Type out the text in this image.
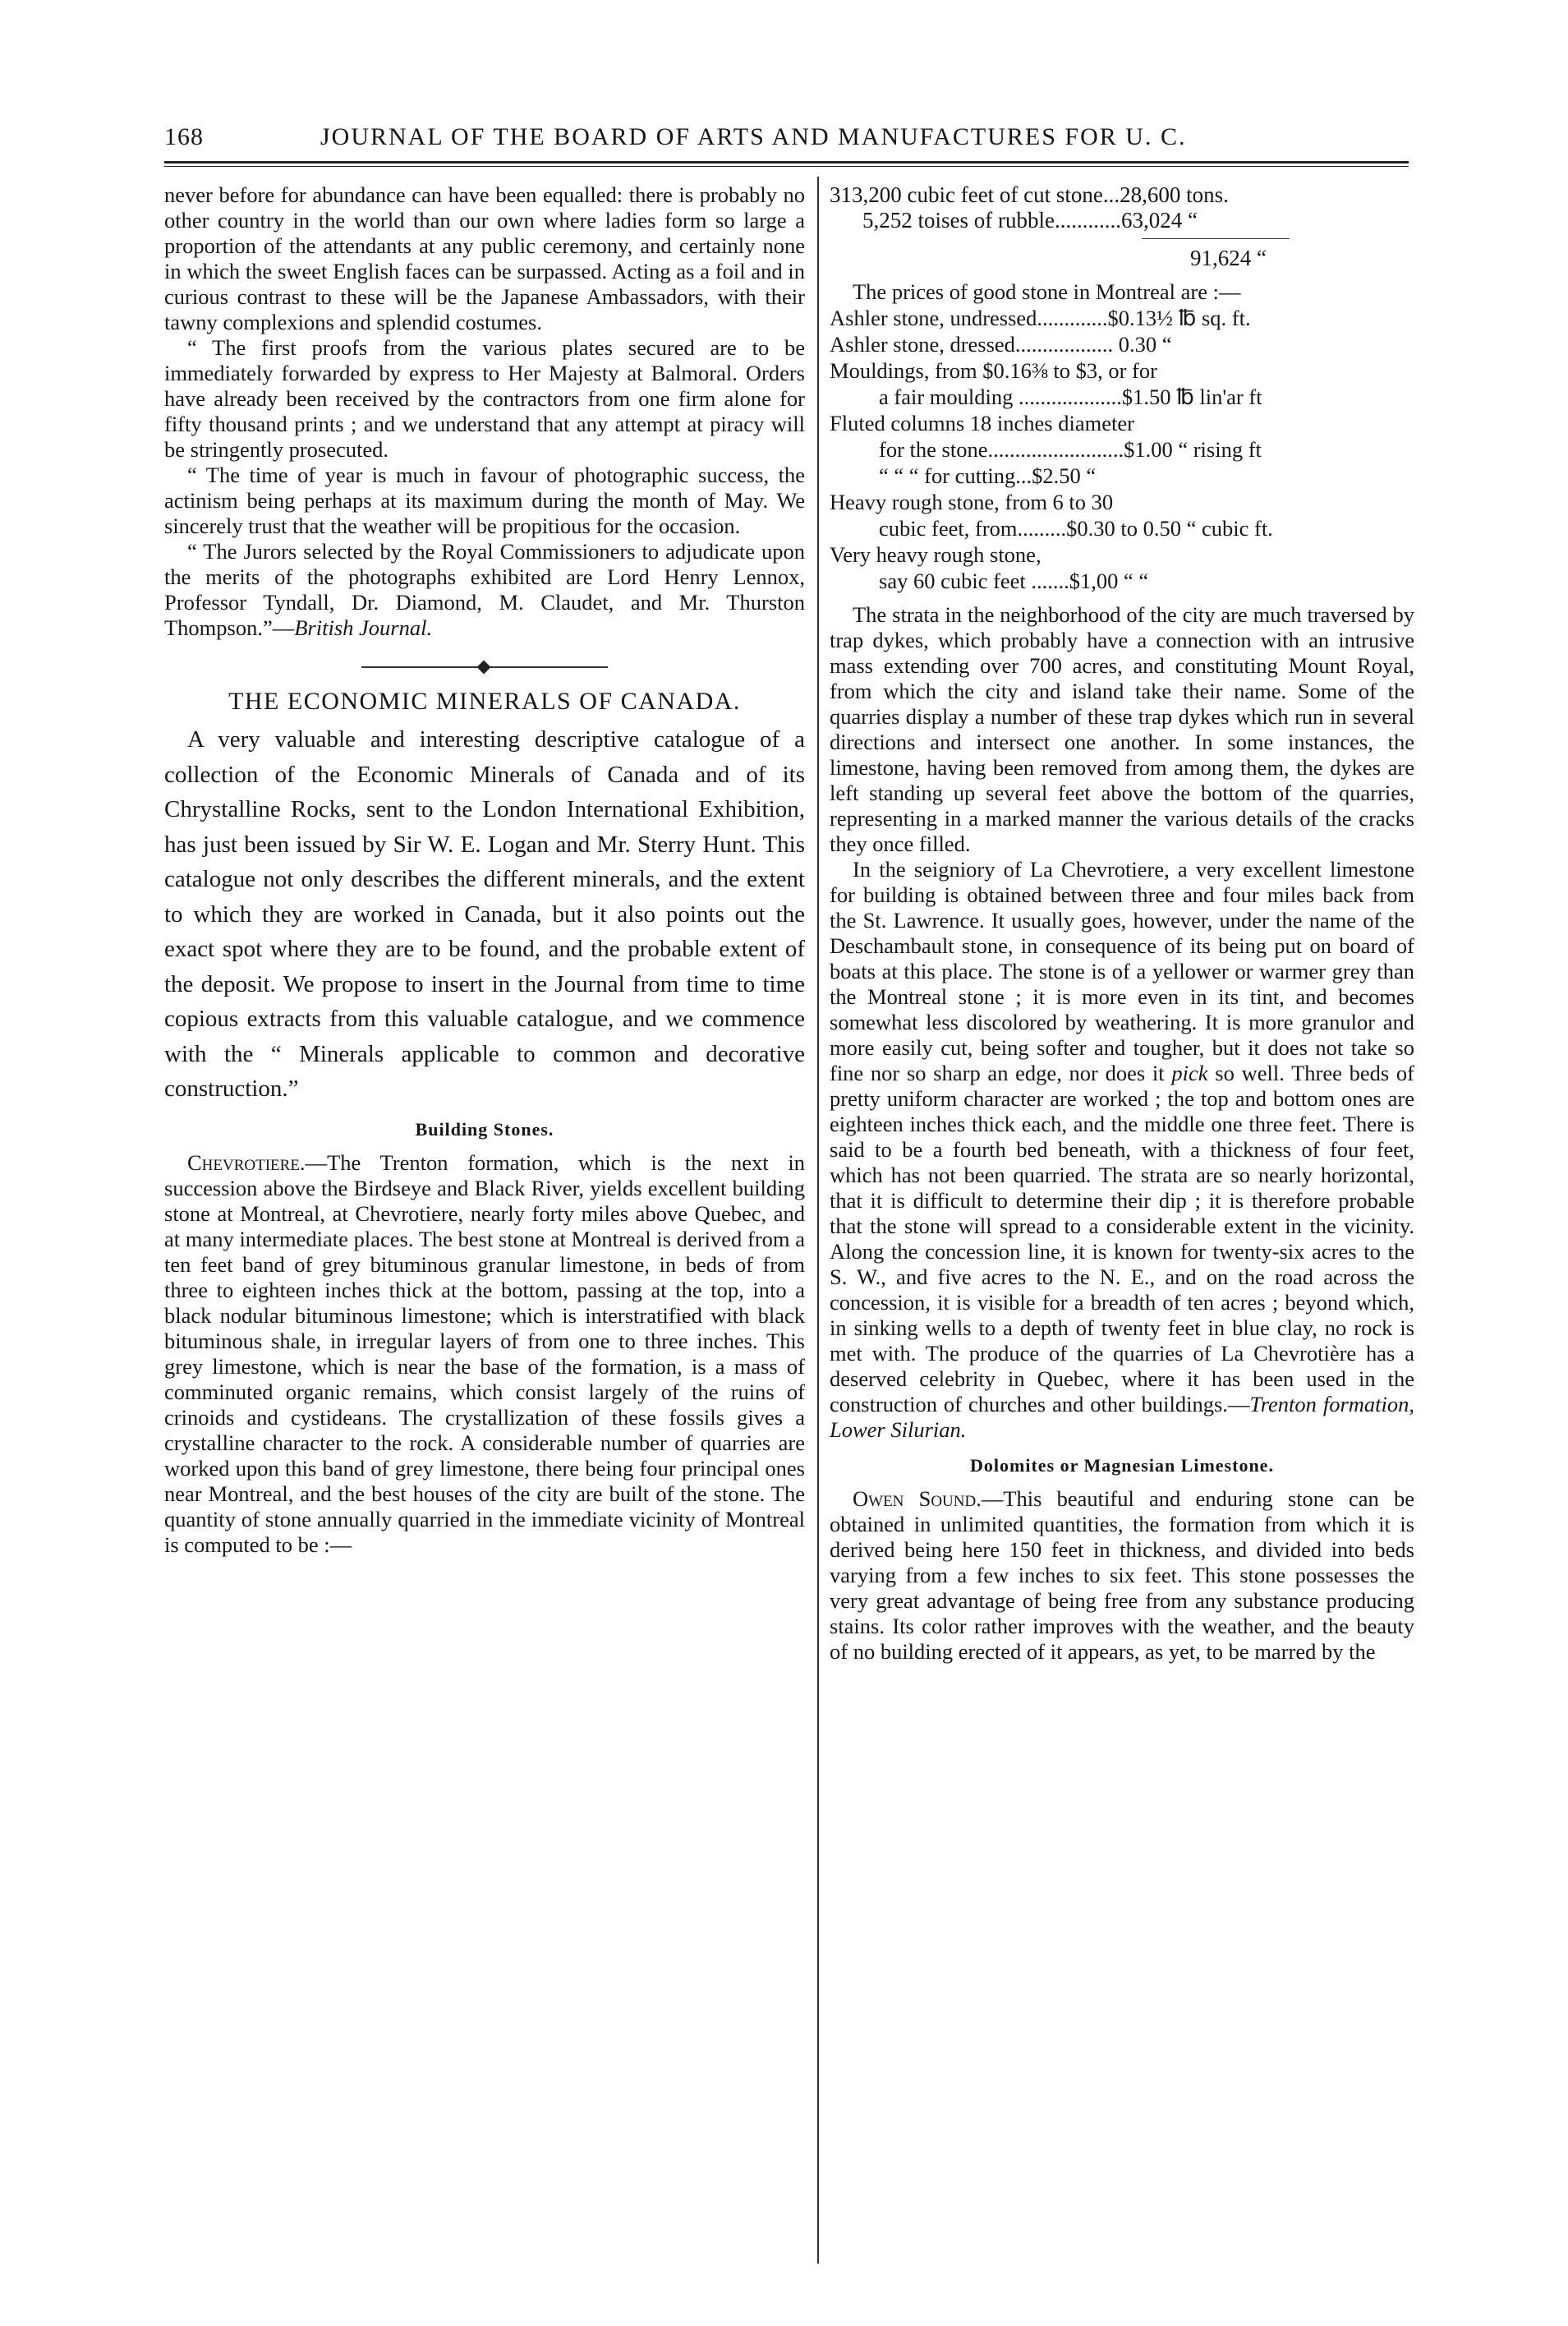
168	JOURNAL OF THE BOARD OF ARTS AND MANUFACTURES FOR U. C.

never before for abundance can have been equalled: there is probably no other country in the world than our own where ladies form so large a proportion of the attendants at any public ceremony, and certainly none in which the sweet English faces can be surpassed. Acting as a foil and in curious contrast to these will be the Japanese Ambassadors, with their tawny complexions and splendid costumes.

“ The first proofs from the various plates secured are to be immediately forwarded by express to Her Majesty at Balmoral. Orders have already been received by the contractors from one firm alone for fifty thousand prints ; and we understand that any attempt at piracy will be stringently prosecuted.

“ The time of year is much in favour of photographic success, the actinism being perhaps at its maximum during the month of May. We sincerely trust that the weather will be propitious for the occasion.

“ The Jurors selected by the Royal Commissioners to adjudicate upon the merits of the photographs exhibited are Lord Henry Lennox, Professor Tyndall, Dr. Diamond, M. Claudet, and Mr. Thurston Thompson.”—British Journal.

THE ECONOMIC MINERALS OF CANADA.

A very valuable and interesting descriptive catalogue of a collection of the Economic Minerals of Canada and of its Chrystalline Rocks, sent to the London International Exhibition, has just been issued by Sir W. E. Logan and Mr. Sterry Hunt. This catalogue not only describes the different minerals, and the extent to which they are worked in Canada, but it also points out the exact spot where they are to be found, and the probable extent of the deposit. We propose to insert in the Journal from time to time copious extracts from this valuable catalogue, and we commence with the “ Minerals applicable to common and decorative construction.”

Building Stones.

Chevrotiere.—The Trenton formation, which is the next in succession above the Birdseye and Black River, yields excellent building stone at Montreal, at Chevrotiere, nearly forty miles above Quebec, and at many intermediate places. The best stone at Montreal is derived from a ten feet band of grey bituminous granular limestone, in beds of from three to eighteen inches thick at the bottom, passing at the top, into a black nodular bituminous limestone; which is interstratified with black bituminous shale, in irregular layers of from one to three inches. This grey limestone, which is near the base of the formation, is a mass of comminuted organic remains, which consist largely of the ruins of crinoids and cystideans. The crystallization of these fossils gives a crystalline character to the rock. A considerable number of quarries are worked upon this band of grey limestone, there being four principal ones near Montreal, and the best houses of the city are built of the stone. The quantity of stone annually quarried in the immediate vicinity of Montreal is computed to be :—

313,200 cubic feet of cut stone...28,600 tons.
5,252 toises of rubble............63,024 “
91,624 “

The prices of good stone in Montreal are :—

Ashler stone, undressed.............$0.13½ ℔ sq. ft.
Ashler stone, dressed.................. 0.30 “
Mouldings, from $0.16⅜ to $3, or for
a fair moulding ...................$1.50 ℔ lin'ar ft
Fluted columns 18 inches diameter
for the stone.........................$1.00 “ rising ft
“ “ “ for cutting...$2.50 “
Heavy rough stone, from 6 to 30
cubic feet, from.........$0.30 to 0.50 “ cubic ft.
Very heavy rough stone,
say 60 cubic feet .......$1,00 “ “

The strata in the neighborhood of the city are much traversed by trap dykes, which probably have a connection with an intrusive mass extending over 700 acres, and constituting Mount Royal, from which the city and island take their name. Some of the quarries display a number of these trap dykes which run in several directions and intersect one another. In some instances, the limestone, having been removed from among them, the dykes are left standing up several feet above the bottom of the quarries, representing in a marked manner the various details of the cracks they once filled.

In the seigniory of La Chevrotiere, a very excellent limestone for building is obtained between three and four miles back from the St. Lawrence. It usually goes, however, under the name of the Deschambault stone, in consequence of its being put on board of boats at this place. The stone is of a yellower or warmer grey than the Montreal stone ; it is more even in its tint, and becomes somewhat less discolored by weathering. It is more granulor and more easily cut, being softer and tougher, but it does not take so fine nor so sharp an edge, nor does it pick so well. Three beds of pretty uniform character are worked ; the top and bottom ones are eighteen inches thick each, and the middle one three feet. There is said to be a fourth bed beneath, with a thickness of four feet, which has not been quarried. The strata are so nearly horizontal, that it is difficult to determine their dip ; it is therefore probable that the stone will spread to a considerable extent in the vicinity. Along the concession line, it is known for twenty-six acres to the S. W., and five acres to the N. E., and on the road across the concession, it is visible for a breadth of ten acres ; beyond which, in sinking wells to a depth of twenty feet in blue clay, no rock is met with. The produce of the quarries of La Chevrotière has a deserved celebrity in Quebec, where it has been used in the construction of churches and other buildings.—Trenton formation, Lower Silurian.

Dolomites or Magnesian Limestone.

Owen Sound.—This beautiful and enduring stone can be obtained in unlimited quantities, the formation from which it is derived being here 150 feet in thickness, and divided into beds varying from a few inches to six feet. This stone possesses the very great advantage of being free from any substance producing stains. Its color rather improves with the weather, and the beauty of no building erected of it appears, as yet, to be marred by the
